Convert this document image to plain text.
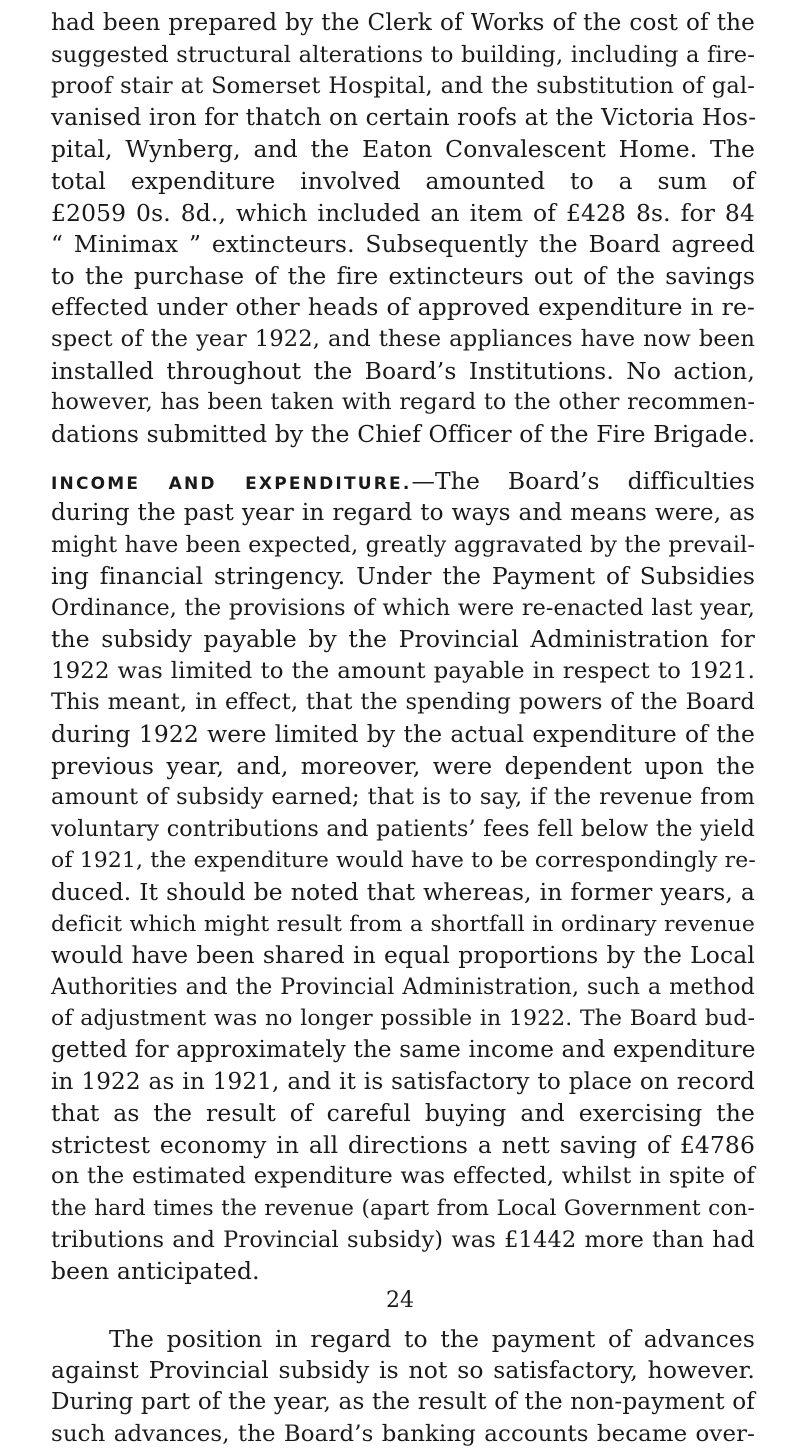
had been prepared by the Clerk of Works of the cost of the
suggested structural alterations to building, including a fire-
proof stair at Somerset Hospital, and the substitution of gal-
vanised iron for thatch on certain roofs at the Victoria Hos-
pital, Wynberg, and the Eaton Convalescent Home. The
total expenditure involved amounted to a sum of
£2059 0s. 8d., which included an item of £428 8s. for 84
“ Minimax ” extincteurs. Subsequently the Board agreed
to the purchase of the fire extincteurs out of the savings
effected under other heads of approved expenditure in re-
spect of the year 1922, and these appliances have now been
installed throughout the Board’s Institutions. No action,
however, has been taken with regard to the other recommen-
dations submitted by the Chief Officer of the Fire Brigade.
INCOME AND EXPENDITURE.—The Board’s difficulties
during the past year in regard to ways and means were, as
might have been expected, greatly aggravated by the prevail-
ing financial stringency. Under the Payment of Subsidies
Ordinance, the provisions of which were re-enacted last year,
the subsidy payable by the Provincial Administration for
1922 was limited to the amount payable in respect to 1921.
This meant, in effect, that the spending powers of the Board
during 1922 were limited by the actual expenditure of the
previous year, and, moreover, were dependent upon the
amount of subsidy earned; that is to say, if the revenue from
voluntary contributions and patients’ fees fell below the yield
of 1921, the expenditure would have to be correspondingly re-
duced. It should be noted that whereas, in former years, a
deficit which might result from a shortfall in ordinary revenue
would have been shared in equal proportions by the Local
Authorities and the Provincial Administration, such a method
of adjustment was no longer possible in 1922. The Board bud-
getted for approximately the same income and expenditure
in 1922 as in 1921, and it is satisfactory to place on record
that as the result of careful buying and exercising the
strictest economy in all directions a nett saving of £4786
on the estimated expenditure was effected, whilst in spite of
the hard times the revenue (apart from Local Government con-
tributions and Provincial subsidy) was £1442 more than had
been anticipated.
The position in regard to the payment of advances
against Provincial subsidy is not so satisfactory, however.
During part of the year, as the result of the non-payment of
such advances, the Board’s banking accounts became over-
24
